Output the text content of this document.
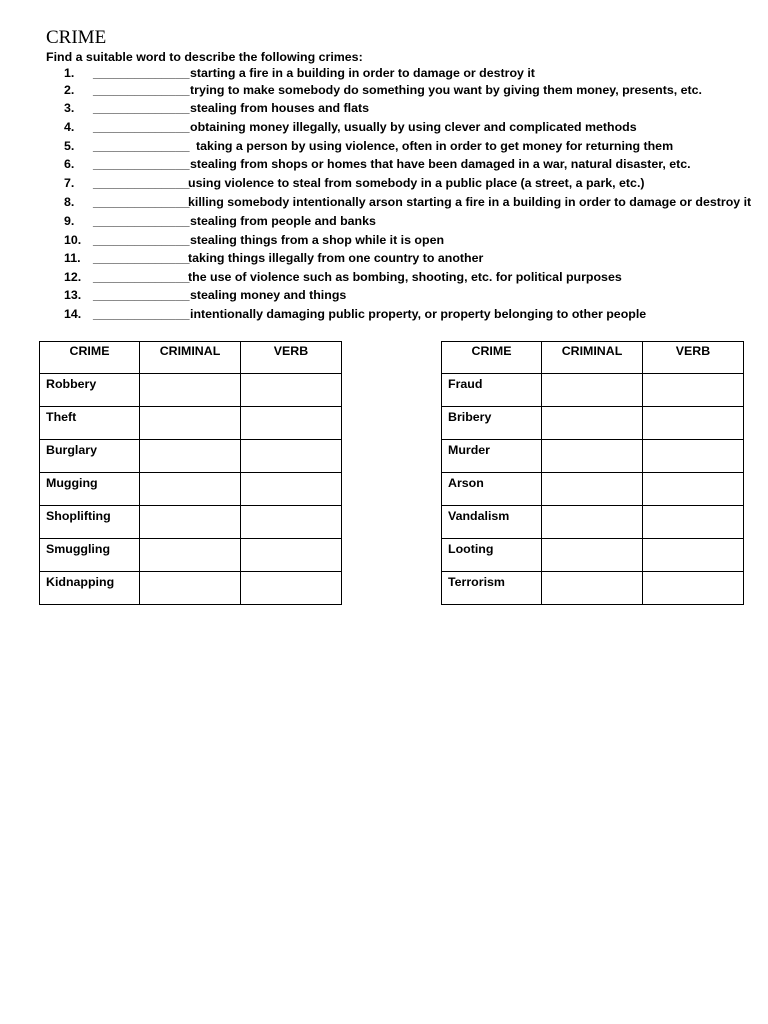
CRIME
Find a suitable word to describe the following crimes:
1.	______________ starting a fire in a building in order to damage or destroy it
2.	______________ trying to make somebody do something you want by giving them money, presents, etc.
3.	______________ stealing from houses and flats
4.	______________ obtaining money illegally, usually by using clever and complicated methods
5.	______________ taking a person by using violence, often in order to get money for returning them
6.	______________ stealing from shops or homes that have been damaged in a war, natural disaster, etc.
7.	______________
using violence to steal from somebody in a public place (a street, a park, etc.)
8.	______________
killing somebody intentionally arson starting a fire in a building in order to damage or destroy it
9.	______________ stealing from people and banks
10. ______________ stealing things from a shop while it is open
11.	______________
taking things illegally from one country to another
12. ______________
the use of violence such as bombing, shooting, etc. for political purposes
13. ______________ stealing money and things
14. ______________ intentionally damaging public property, or property belonging to other people
CRIME	CRIMINAL	VERB
Robbery		
Theft		
Burglary		
Mugging		
Shoplifting		
Smuggling		
Kidnapping		
CRIME	CRIMINAL	VERB
Fraud		
Bribery		
Murder		
Arson		
Vandalism		
Looting		
Terrorism		
